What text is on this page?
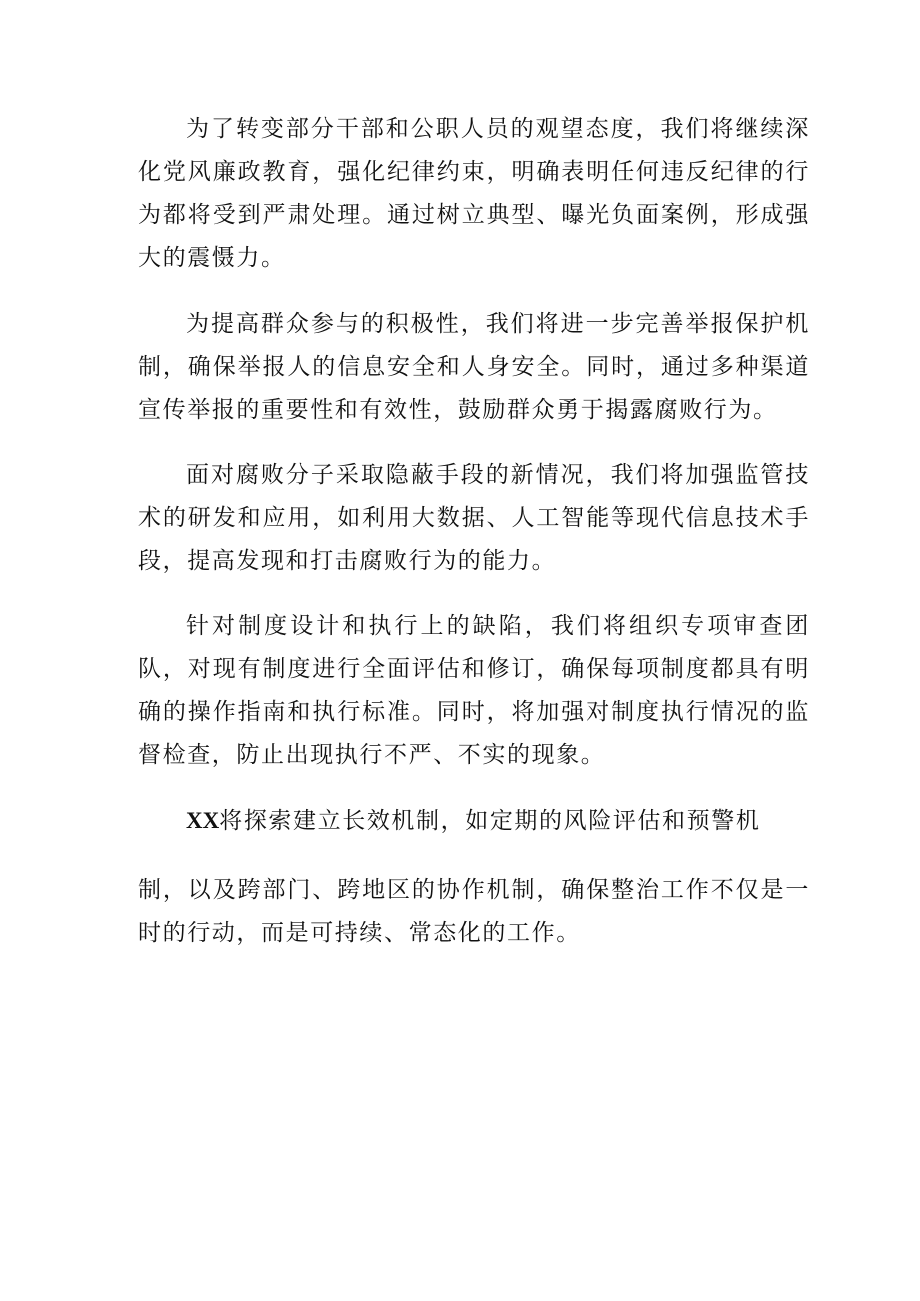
为了转变部分干部和公职人员的观望态度，我们将继续深化党风廉政教育，强化纪律约束，明确表明任何违反纪律的行为都将受到严肃处理。通过树立典型、曝光负面案例，形成强大的震慑力。

为提高群众参与的积极性，我们将进一步完善举报保护机制，确保举报人的信息安全和人身安全。同时，通过多种渠道宣传举报的重要性和有效性，鼓励群众勇于揭露腐败行为。

面对腐败分子采取隐蔽手段的新情况，我们将加强监管技术的研发和应用，如利用大数据、人工智能等现代信息技术手段，提高发现和打击腐败行为的能力。

针对制度设计和执行上的缺陷，我们将组织专项审查团队，对现有制度进行全面评估和修订，确保每项制度都具有明确的操作指南和执行标准。同时，将加强对制度执行情况的监督检查，防止出现执行不严、不实的现象。

XX将探索建立长效机制，如定期的风险评估和预警机

制，以及跨部门、跨地区的协作机制，确保整治工作不仅是一时的行动，而是可持续、常态化的工作。
